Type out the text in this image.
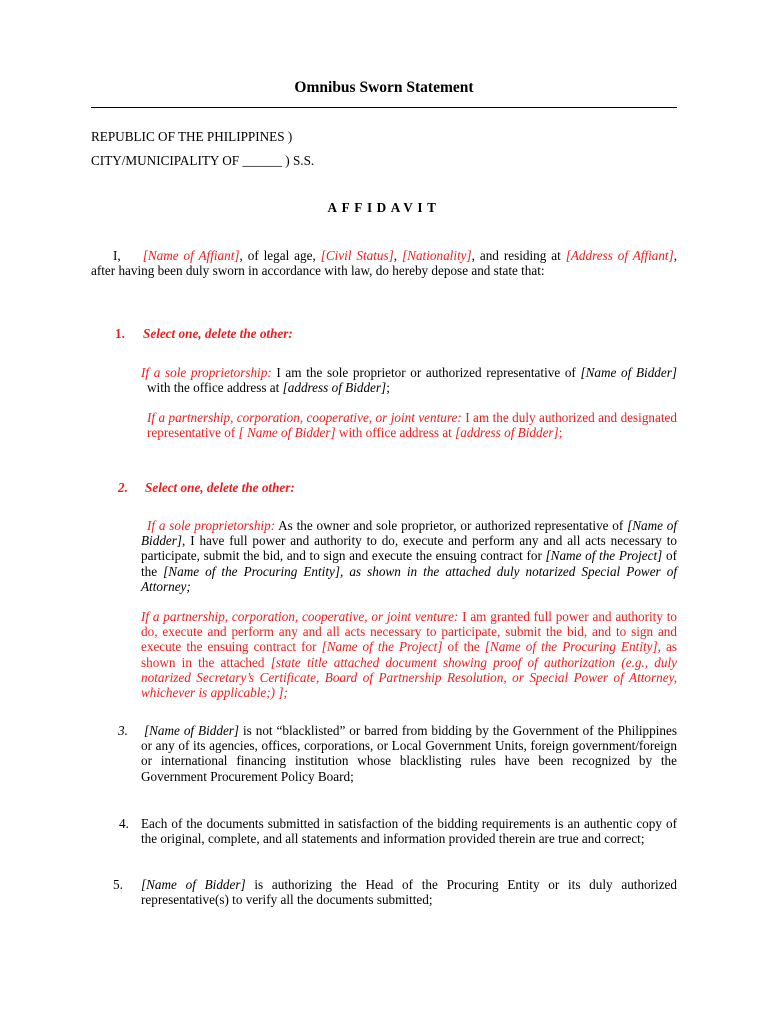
Omnibus Sworn Statement
REPUBLIC OF THE PHILIPPINES )
CITY/MUNICIPALITY OF ______ ) S.S.
AFFIDAVIT
I, [Name of Affiant], of legal age, [Civil Status], [Nationality], and residing at [Address of Affiant], after having been duly sworn in accordance with law, do hereby depose and state that:
1. Select one, delete the other:
If a sole proprietorship: I am the sole proprietor or authorized representative of [Name of Bidder] with the office address at [address of Bidder];
If a partnership, corporation, cooperative, or joint venture: I am the duly authorized and designated representative of [ Name of Bidder] with office address at [address of Bidder];
2. Select one, delete the other:
If a sole proprietorship: As the owner and sole proprietor, or authorized representative of [Name of Bidder], I have full power and authority to do, execute and perform any and all acts necessary to participate, submit the bid, and to sign and execute the ensuing contract for [Name of the Project] of the [Name of the Procuring Entity], as shown in the attached duly notarized Special Power of Attorney;
If a partnership, corporation, cooperative, or joint venture: I am granted full power and authority to do, execute and perform any and all acts necessary to participate, submit the bid, and to sign and execute the ensuing contract for [Name of the Project] of the [Name of the Procuring Entity], as shown in the attached [state title attached document showing proof of authorization (e.g., duly notarized Secretary’s Certificate, Board of Partnership Resolution, or Special Power of Attorney, whichever is applicable;) ];
3. [Name of Bidder] is not “blacklisted” or barred from bidding by the Government of the Philippines or any of its agencies, offices, corporations, or Local Government Units, foreign government/foreign or international financing institution whose blacklisting rules have been recognized by the Government Procurement Policy Board;
4. Each of the documents submitted in satisfaction of the bidding requirements is an authentic copy of the original, complete, and all statements and information provided therein are true and correct;
5. [Name of Bidder] is authorizing the Head of the Procuring Entity or its duly authorized representative(s) to verify all the documents submitted;
